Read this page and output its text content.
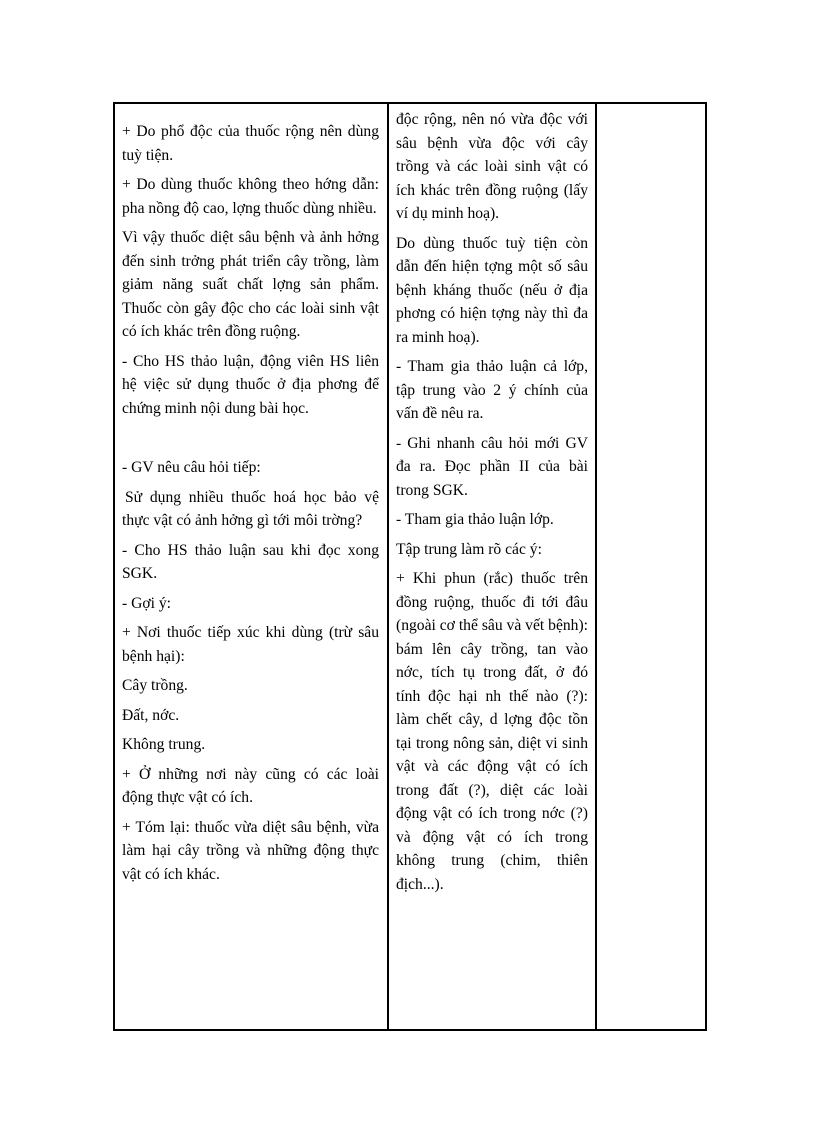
+ Do phổ độc của thuốc rộng nên dùng tuỳ tiện.

+ Do dùng thuốc không theo hớng dẫn: pha nồng độ cao, lợng thuốc dùng nhiều.

Vì vậy thuốc diệt sâu bệnh và ảnh hởng đến sinh trởng phát triển cây trồng, làm giảm năng suất chất lợng sản phẩm. Thuốc còn gây độc cho các loài sinh vật có ích khác trên đồng ruộng.

- Cho HS thảo luận, động viên HS liên hệ việc sử dụng thuốc ở địa phơng để chứng minh nội dung bài học.

- GV nêu câu hỏi tiếp:

Sử dụng nhiều thuốc hoá học bảo vệ thực vật có ảnh hởng gì tới môi trờng?

- Cho HS thảo luận sau khi đọc xong SGK.

- Gợi ý:

+ Nơi thuốc tiếp xúc khi dùng (trừ sâu bệnh hại):

Cây trồng.

Đất, nớc.

Không trung.

+ Ở những nơi này cũng có các loài động thực vật có ích.

+ Tóm lại: thuốc vừa diệt sâu bệnh, vừa làm hại cây trồng và những động thực vật có ích khác.

độc rộng, nên nó vừa độc với sâu bệnh vừa độc với cây trồng và các loài sinh vật có ích khác trên đồng ruộng (lấy ví dụ minh hoạ).

Do dùng thuốc tuỳ tiện còn dẫn đến hiện tợng một số sâu bệnh kháng thuốc (nếu ở địa phơng có hiện tợng này thì đa ra minh hoạ).

- Tham gia thảo luận cả lớp, tập trung vào 2 ý chính của vấn đề nêu ra.

- Ghi nhanh câu hỏi mới GV đa ra. Đọc phần II của bài trong SGK.

- Tham gia thảo luận lớp.

Tập trung làm rõ các ý:

+ Khi phun (rắc) thuốc trên đồng ruộng, thuốc đi tới đâu (ngoài cơ thể sâu và vết bệnh): bám lên cây trồng, tan vào nớc, tích tụ trong đất, ở đó tính độc hại nh thế nào (?): làm chết cây, d lợng độc tồn tại trong nông sản, diệt vi sinh vật và các động vật có ích trong đất (?), diệt các loài động vật có ích trong nớc (?) và động vật có ích trong không trung (chim, thiên địch...).
